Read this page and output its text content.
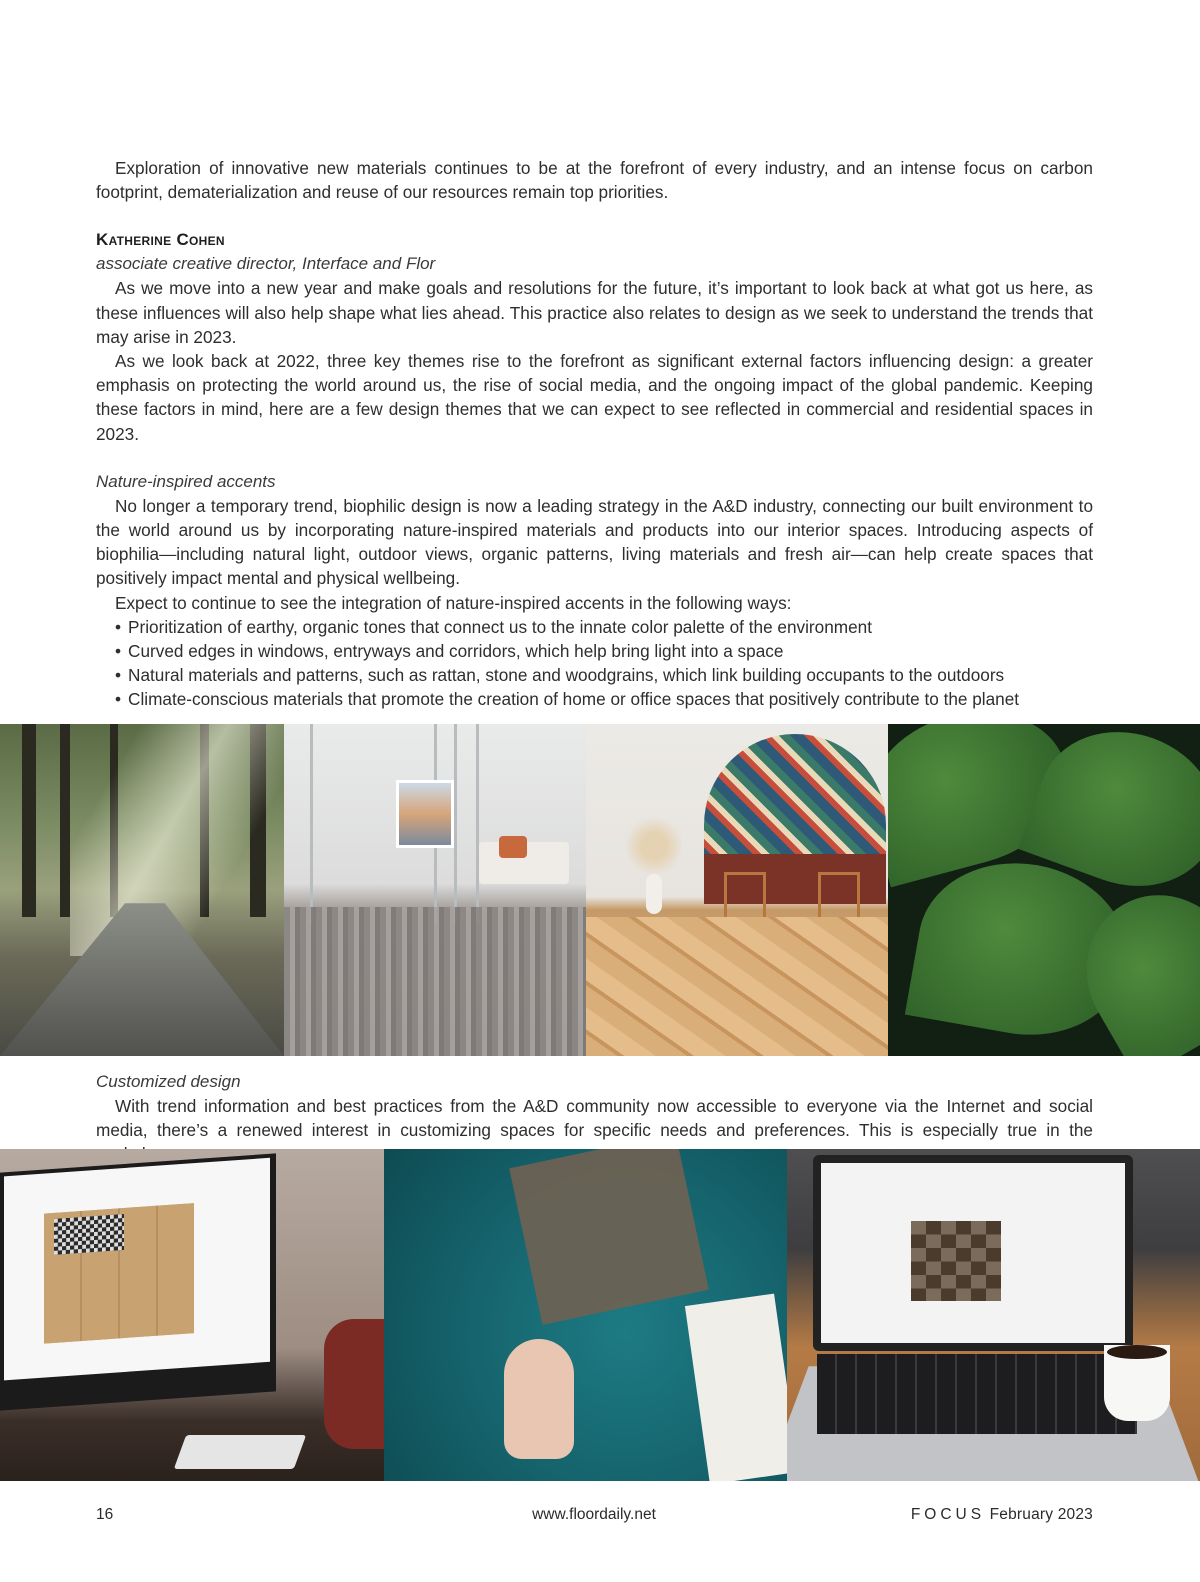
Exploration of innovative new materials continues to be at the forefront of every industry, and an intense focus on carbon footprint, dematerialization and reuse of our resources remain top priorities.

Katherine Cohen
associate creative director, Interface and Flor

As we move into a new year and make goals and resolutions for the future, it’s important to look back at what got us here, as these influences will also help shape what lies ahead. This practice also relates to design as we seek to understand the trends that may arise in 2023.

As we look back at 2022, three key themes rise to the forefront as significant external factors influencing design: a greater emphasis on protecting the world around us, the rise of social media, and the ongoing impact of the global pandemic. Keeping these factors in mind, here are a few design themes that we can expect to see reflected in commercial and residential spaces in 2023.

Nature-inspired accents

No longer a temporary trend, biophilic design is now a leading strategy in the A&D industry, connecting our built environment to the world around us by incorporating nature-inspired materials and products into our interior spaces. Introducing aspects of biophilia—including natural light, outdoor views, organic patterns, living materials and fresh air—can help create spaces that positively impact mental and physical wellbeing.

Expect to continue to see the integration of nature-inspired accents in the following ways:

• Prioritization of earthy, organic tones that connect us to the innate color palette of the environment
• Curved edges in windows, entryways and corridors, which help bring light into a space
• Natural materials and patterns, such as rattan, stone and woodgrains, which link building occupants to the outdoors
• Climate-conscious materials that promote the creation of home or office spaces that positively contribute to the planet
Customized design

With trend information and best practices from the A&D community now accessible to everyone via the Internet and social media, there’s a renewed interest in customizing spaces for specific needs and preferences. This is especially true in the

16	www.floordaily.net	FOCUS February 2023
